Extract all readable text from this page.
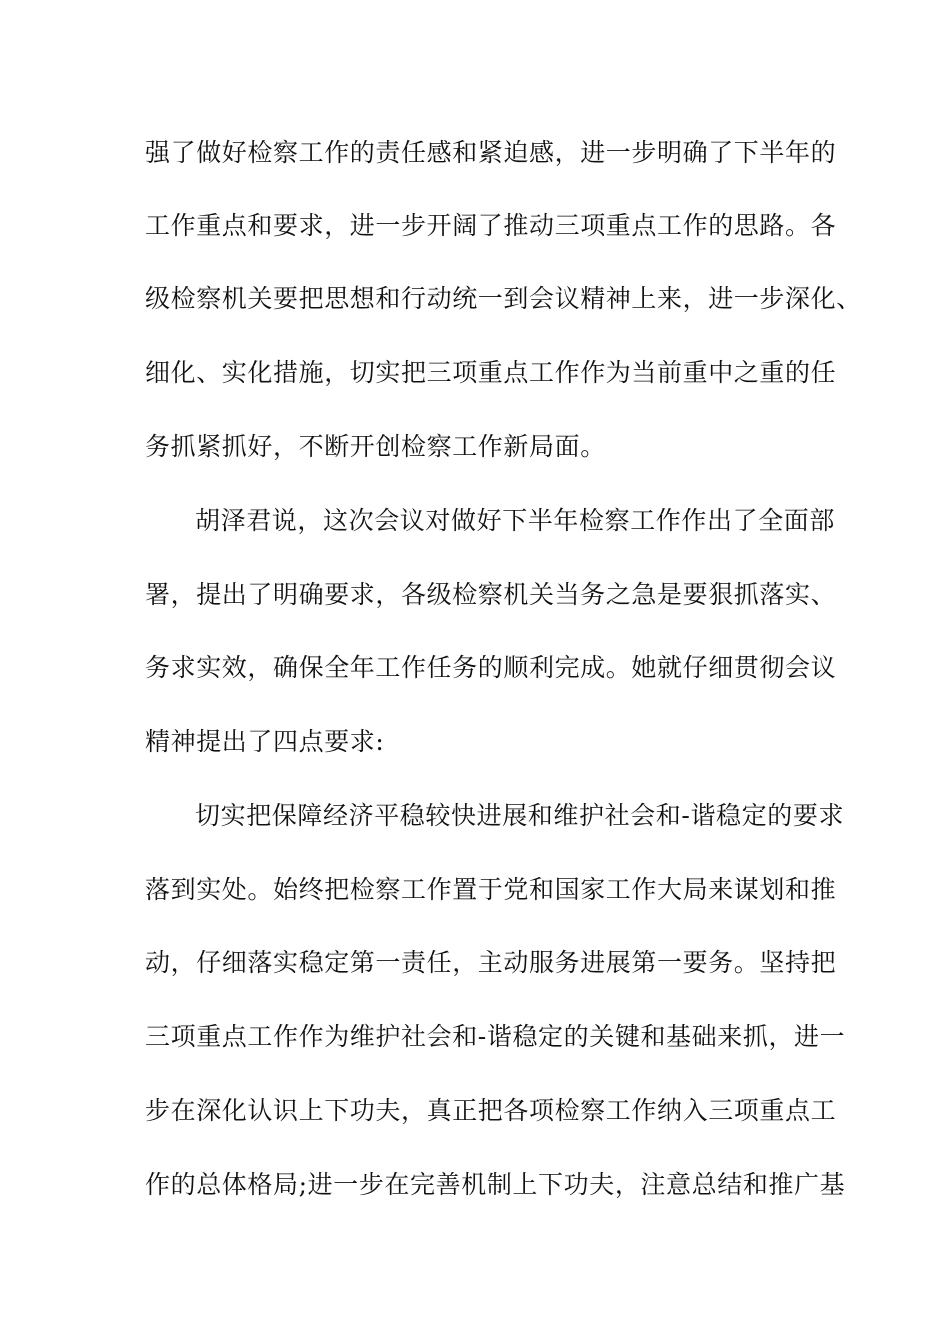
强了做好检察工作的责任感和紧迫感，进一步明确了下半年的
工作重点和要求，进一步开阔了推动三项重点工作的思路。各
级检察机关要把思想和行动统一到会议精神上来，进一步深化、
细化、实化措施，切实把三项重点工作作为当前重中之重的任
务抓紧抓好，不断开创检察工作新局面。
胡泽君说，这次会议对做好下半年检察工作作出了全面部
署，提出了明确要求，各级检察机关当务之急是要狠抓落实、
务求实效，确保全年工作任务的顺利完成。她就仔细贯彻会议
精神提出了四点要求:
切实把保障经济平稳较快进展和维护社会和-谐稳定的要求
落到实处。始终把检察工作置于党和国家工作大局来谋划和推
动，仔细落实稳定第一责任，主动服务进展第一要务。坚持把
三项重点工作作为维护社会和-谐稳定的关键和基础来抓，进一
步在深化认识上下功夫，真正把各项检察工作纳入三项重点工
作的总体格局;进一步在完善机制上下功夫，注意总结和推广基
